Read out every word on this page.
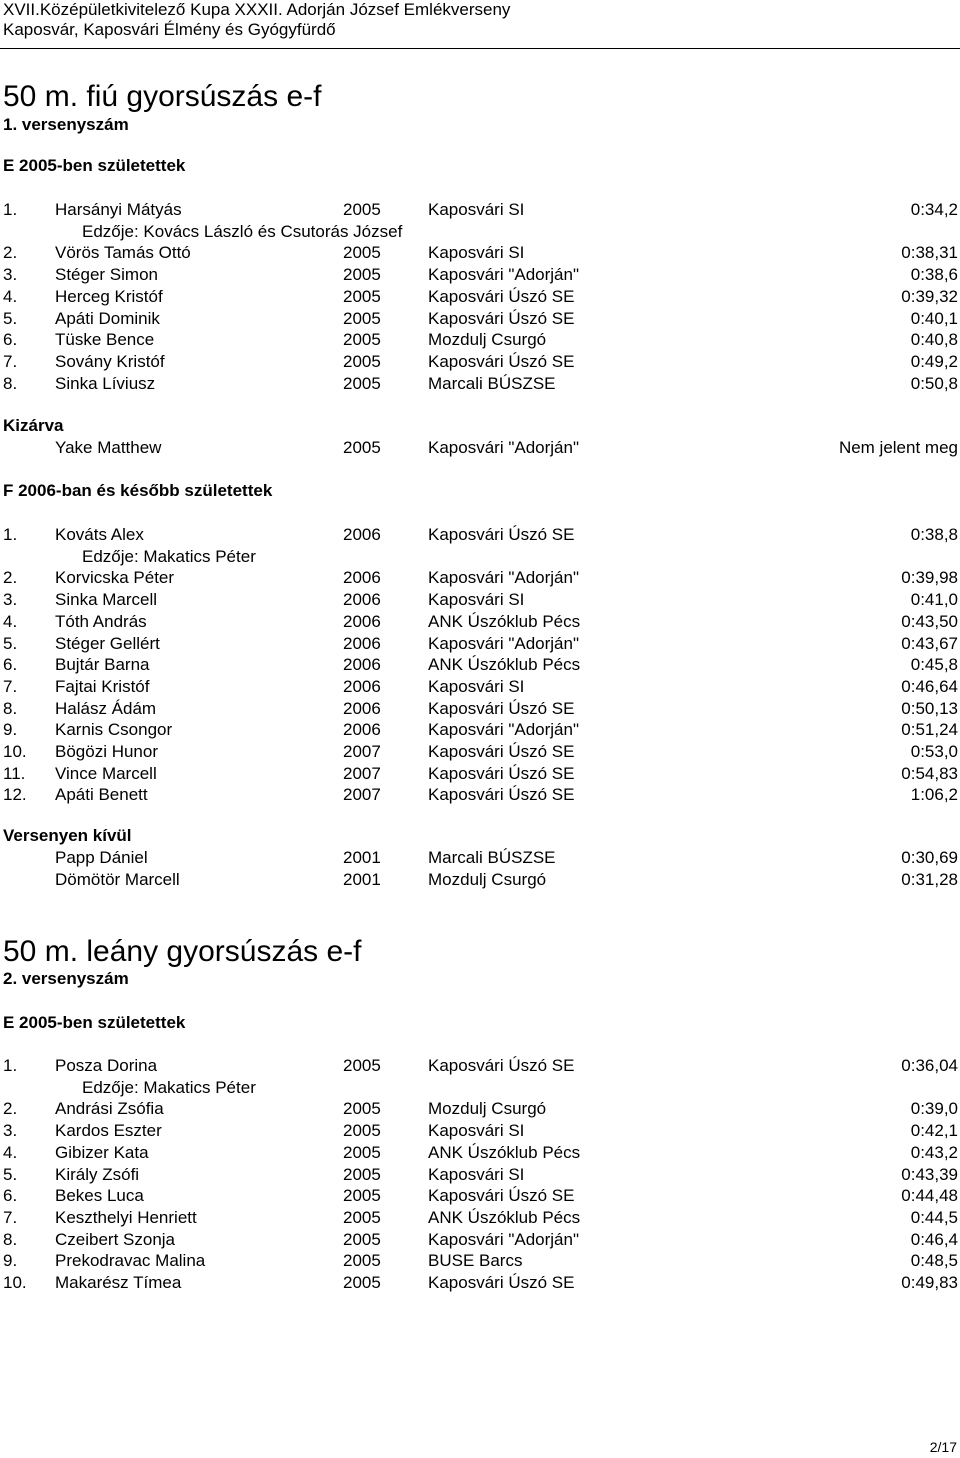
XVII.Középületkivitelező Kupa XXXII. Adorján József Emlékverseny
Kaposvár, Kaposvári Élmény és Gyógyfürdő
50 m. fiú gyorsúszás e-f
1. versenyszám
E 2005-ben születettek
1. Harsányi Mátyás	2005	Kaposvári SI	0:34,2
Edzője: Kovács László és Csutorás József
2. Vörös Tamás Ottó	2005	Kaposvári SI	0:38,31
3. Stéger Simon	2005	Kaposvári "Adorján"	0:38,6
4. Herceg Kristóf	2005	Kaposvári Úszó SE	0:39,32
5. Apáti Dominik	2005	Kaposvári Úszó SE	0:40,1
6. Tüske Bence	2005	Mozdulj Csurgó	0:40,8
7. Sovány Kristóf	2005	Kaposvári Úszó SE	0:49,2
8. Sinka Líviusz	2005	Marcali BÚSZSE	0:50,8
Kizárva
Yake Matthew	2005	Kaposvári "Adorján"	Nem jelent meg
F 2006-ban és később születettek
1. Kováts Alex	2006	Kaposvári Úszó SE	0:38,8
Edzője: Makatics Péter
2. Korvicska Péter	2006	Kaposvári "Adorján"	0:39,98
3. Sinka Marcell	2006	Kaposvári SI	0:41,0
4. Tóth András	2006	ANK Úszóklub Pécs	0:43,50
5. Stéger Gellért	2006	Kaposvári "Adorján"	0:43,67
6. Bujtár Barna	2006	ANK Úszóklub Pécs	0:45,8
7. Fajtai Kristóf	2006	Kaposvári SI	0:46,64
8. Halász Ádám	2006	Kaposvári Úszó SE	0:50,13
9. Karnis Csongor	2006	Kaposvári "Adorján"	0:51,24
10. Bögözi Hunor	2007	Kaposvári Úszó SE	0:53,0
11. Vince Marcell	2007	Kaposvári Úszó SE	0:54,83
12. Apáti Benett	2007	Kaposvári Úszó SE	1:06,2
Versenyen kívül
Papp Dániel	2001	Marcali BÚSZSE	0:30,69
Dömötör Marcell	2001	Mozdulj Csurgó	0:31,28
50 m. leány gyorsúszás e-f
2. versenyszám
E 2005-ben születettek
1. Posza Dorina	2005	Kaposvári Úszó SE	0:36,04
Edzője: Makatics Péter
2. Andrási Zsófia	2005	Mozdulj Csurgó	0:39,0
3. Kardos Eszter	2005	Kaposvári SI	0:42,1
4. Gibizer Kata	2005	ANK Úszóklub Pécs	0:43,2
5. Király Zsófi	2005	Kaposvári SI	0:43,39
6. Bekes Luca	2005	Kaposvári Úszó SE	0:44,48
7. Keszthelyi Henriett	2005	ANK Úszóklub Pécs	0:44,5
8. Czeibert Szonja	2005	Kaposvári "Adorján"	0:46,4
9. Prekodravac Malina	2005	BUSE Barcs	0:48,5
10. Makarész Tímea	2005	Kaposvári Úszó SE	0:49,83
2/17
